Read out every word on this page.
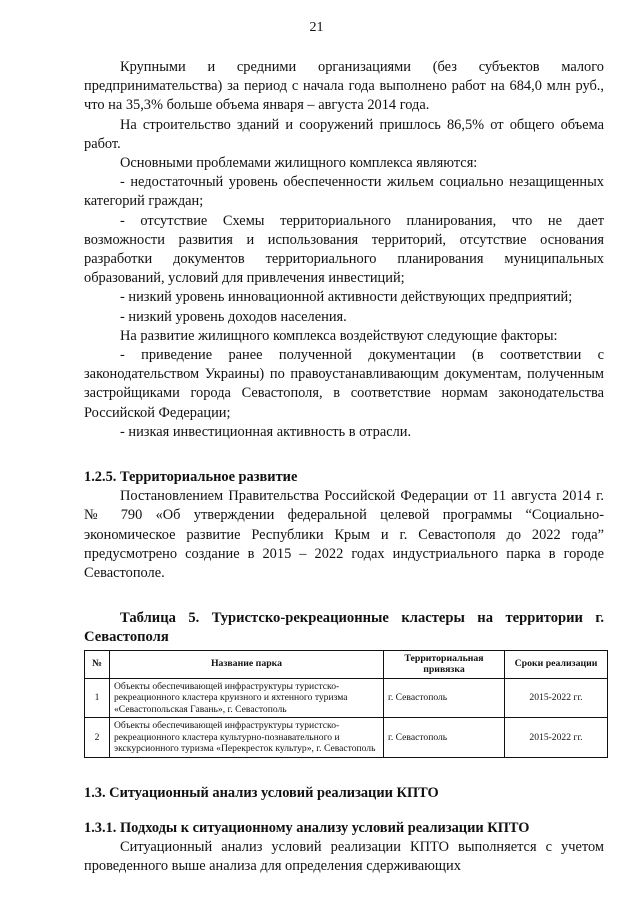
21

Крупными и средними организациями (без субъектов малого предпринимательства) за период с начала года выполнено работ на 684,0 млн руб., что на 35,3% больше объема января – августа 2014 года.

На строительство зданий и сооружений пришлось 86,5% от общего объема работ.

Основными проблемами жилищного комплекса являются:

- недостаточный уровень обеспеченности жильем социально незащищенных категорий граждан;

- отсутствие Схемы территориального планирования, что не дает возможности развития и использования территорий, отсутствие основания разработки документов территориального планирования муниципальных образований, условий для привлечения инвестиций;

- низкий уровень инновационной активности действующих предприятий;

- низкий уровень доходов населения.

На развитие жилищного комплекса воздействуют следующие факторы:

- приведение ранее полученной документации (в соответствии с законодательством Украины) по правоустанавливающим документам, полученным застройщиками города Севастополя, в соответствие нормам законодательства Российской Федерации;

- низкая инвестиционная активность в отрасли.

1.2.5. Территориальное развитие

Постановлением Правительства Российской Федерации от 11 августа 2014 г. № 790 «Об утверждении федеральной целевой программы “Социально-экономическое развитие Республики Крым и г. Севастополя до 2022 года” предусмотрено создание в 2015 – 2022 годах индустриального парка в городе Севастополе.

Таблица 5. Туристско-рекреационные кластеры на территории г. Севастополя

№	Название парка	Территориальная привязка	Сроки реализации
1	Объекты обеспечивающей инфраструктуры туристско-рекреационного кластера круизного и яхтенного туризма «Севастопольская Гавань», г. Севастополь	г. Севастополь	2015-2022 гг.
2	Объекты обеспечивающей инфраструктуры туристско-рекреационного кластера культурно-познавательного и экскурсионного туризма «Перекресток культур», г. Севастополь	г. Севастополь	2015-2022 гг.

1.3. Ситуационный анализ условий реализации КПТО

1.3.1. Подходы к ситуационному анализу условий реализации КПТО

Ситуационный анализ условий реализации КПТО выполняется с учетом проведенного выше анализа для определения сдерживающих
